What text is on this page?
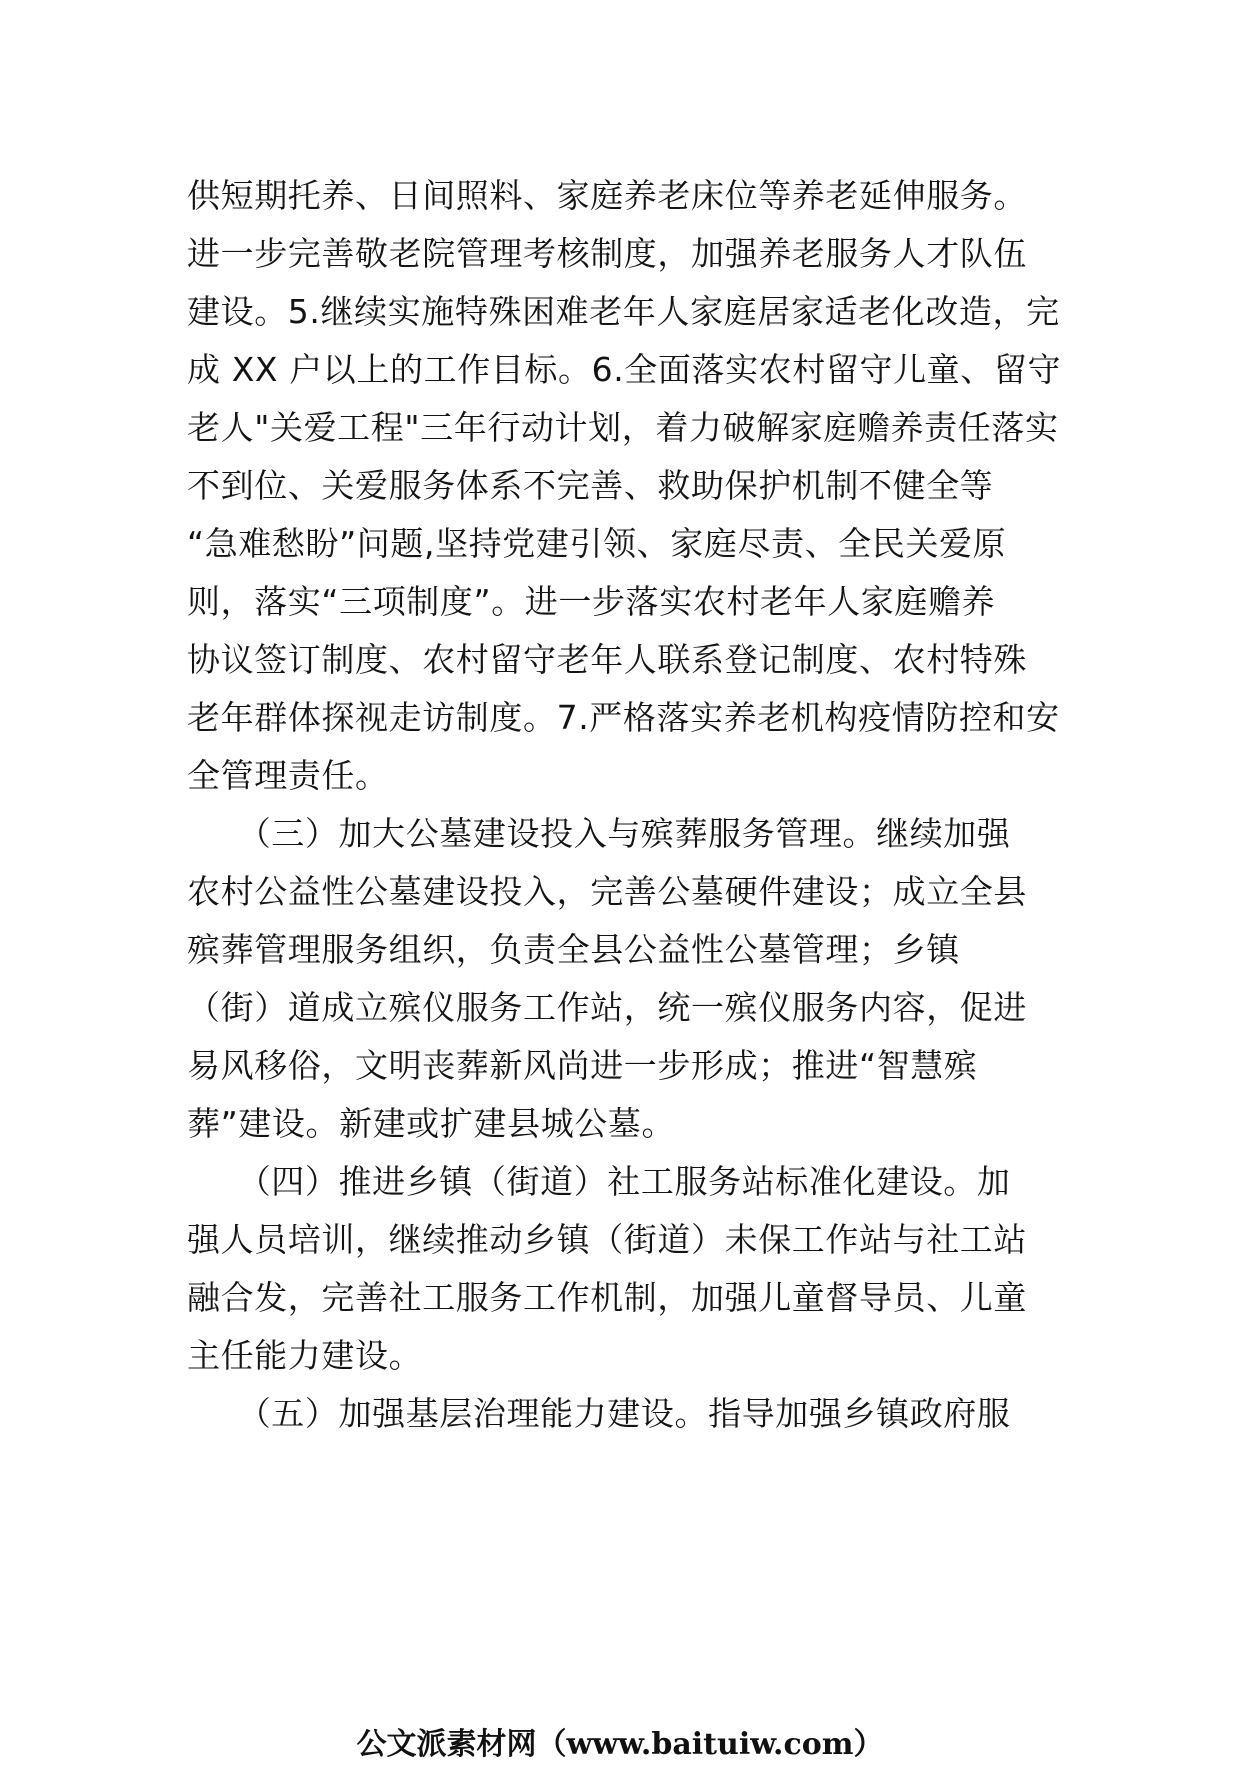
供短期托养、日间照料、家庭养老床位等养老延伸服务。
进一步完善敬老院管理考核制度，加强养老服务人才队伍
建设。5.继续实施特殊困难老年人家庭居家适老化改造，完
成 XX 户以上的工作目标。6.全面落实农村留守儿童、留守
老人"关爱工程"三年行动计划，着力破解家庭赡养责任落实
不到位、关爱服务体系不完善、救助保护机制不健全等
“急难愁盼”问题,坚持党建引领、家庭尽责、全民关爱原
则，落实“三项制度”。进一步落实农村老年人家庭赡养
协议签订制度、农村留守老年人联系登记制度、农村特殊
老年群体探视走访制度。7.严格落实养老机构疫情防控和安
全管理责任。
　　（三）加大公墓建设投入与殡葬服务管理。继续加强
农村公益性公墓建设投入，完善公墓硬件建设；成立全县
殡葬管理服务组织，负责全县公益性公墓管理；乡镇
（街）道成立殡仪服务工作站，统一殡仪服务内容，促进
易风移俗，文明丧葬新风尚进一步形成；推进“智慧殡
葬”建设。新建或扩建县城公墓。
　　（四）推进乡镇（街道）社工服务站标准化建设。加
强人员培训，继续推动乡镇（街道）未保工作站与社工站
融合发，完善社工服务工作机制，加强儿童督导员、儿童
主任能力建设。
　　（五）加强基层治理能力建设。指导加强乡镇政府服
公文派素材网（www.baituiw.com）
